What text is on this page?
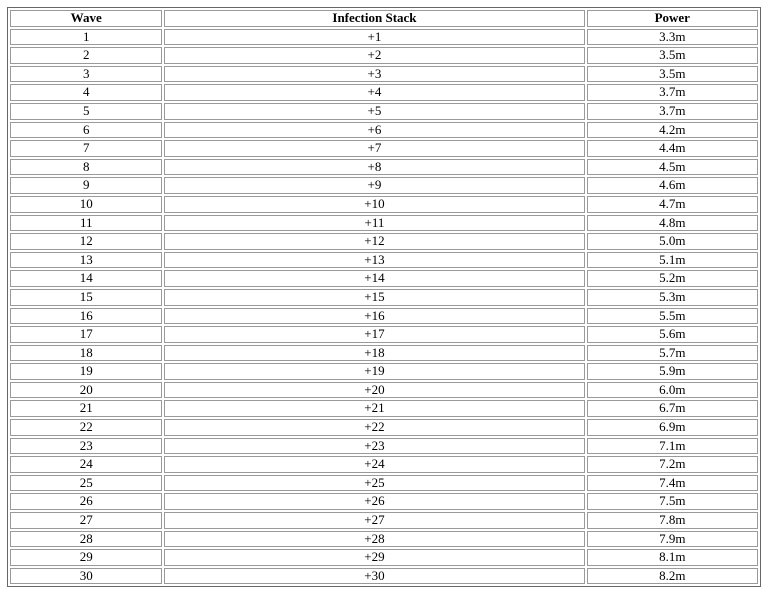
Wave	Infection Stack	Power
1	+1	3.3m
2	+2	3.5m
3	+3	3.5m
4	+4	3.7m
5	+5	3.7m
6	+6	4.2m
7	+7	4.4m
8	+8	4.5m
9	+9	4.6m
10	+10	4.7m
11	+11	4.8m
12	+12	5.0m
13	+13	5.1m
14	+14	5.2m
15	+15	5.3m
16	+16	5.5m
17	+17	5.6m
18	+18	5.7m
19	+19	5.9m
20	+20	6.0m
21	+21	6.7m
22	+22	6.9m
23	+23	7.1m
24	+24	7.2m
25	+25	7.4m
26	+26	7.5m
27	+27	7.8m
28	+28	7.9m
29	+29	8.1m
30	+30	8.2m
